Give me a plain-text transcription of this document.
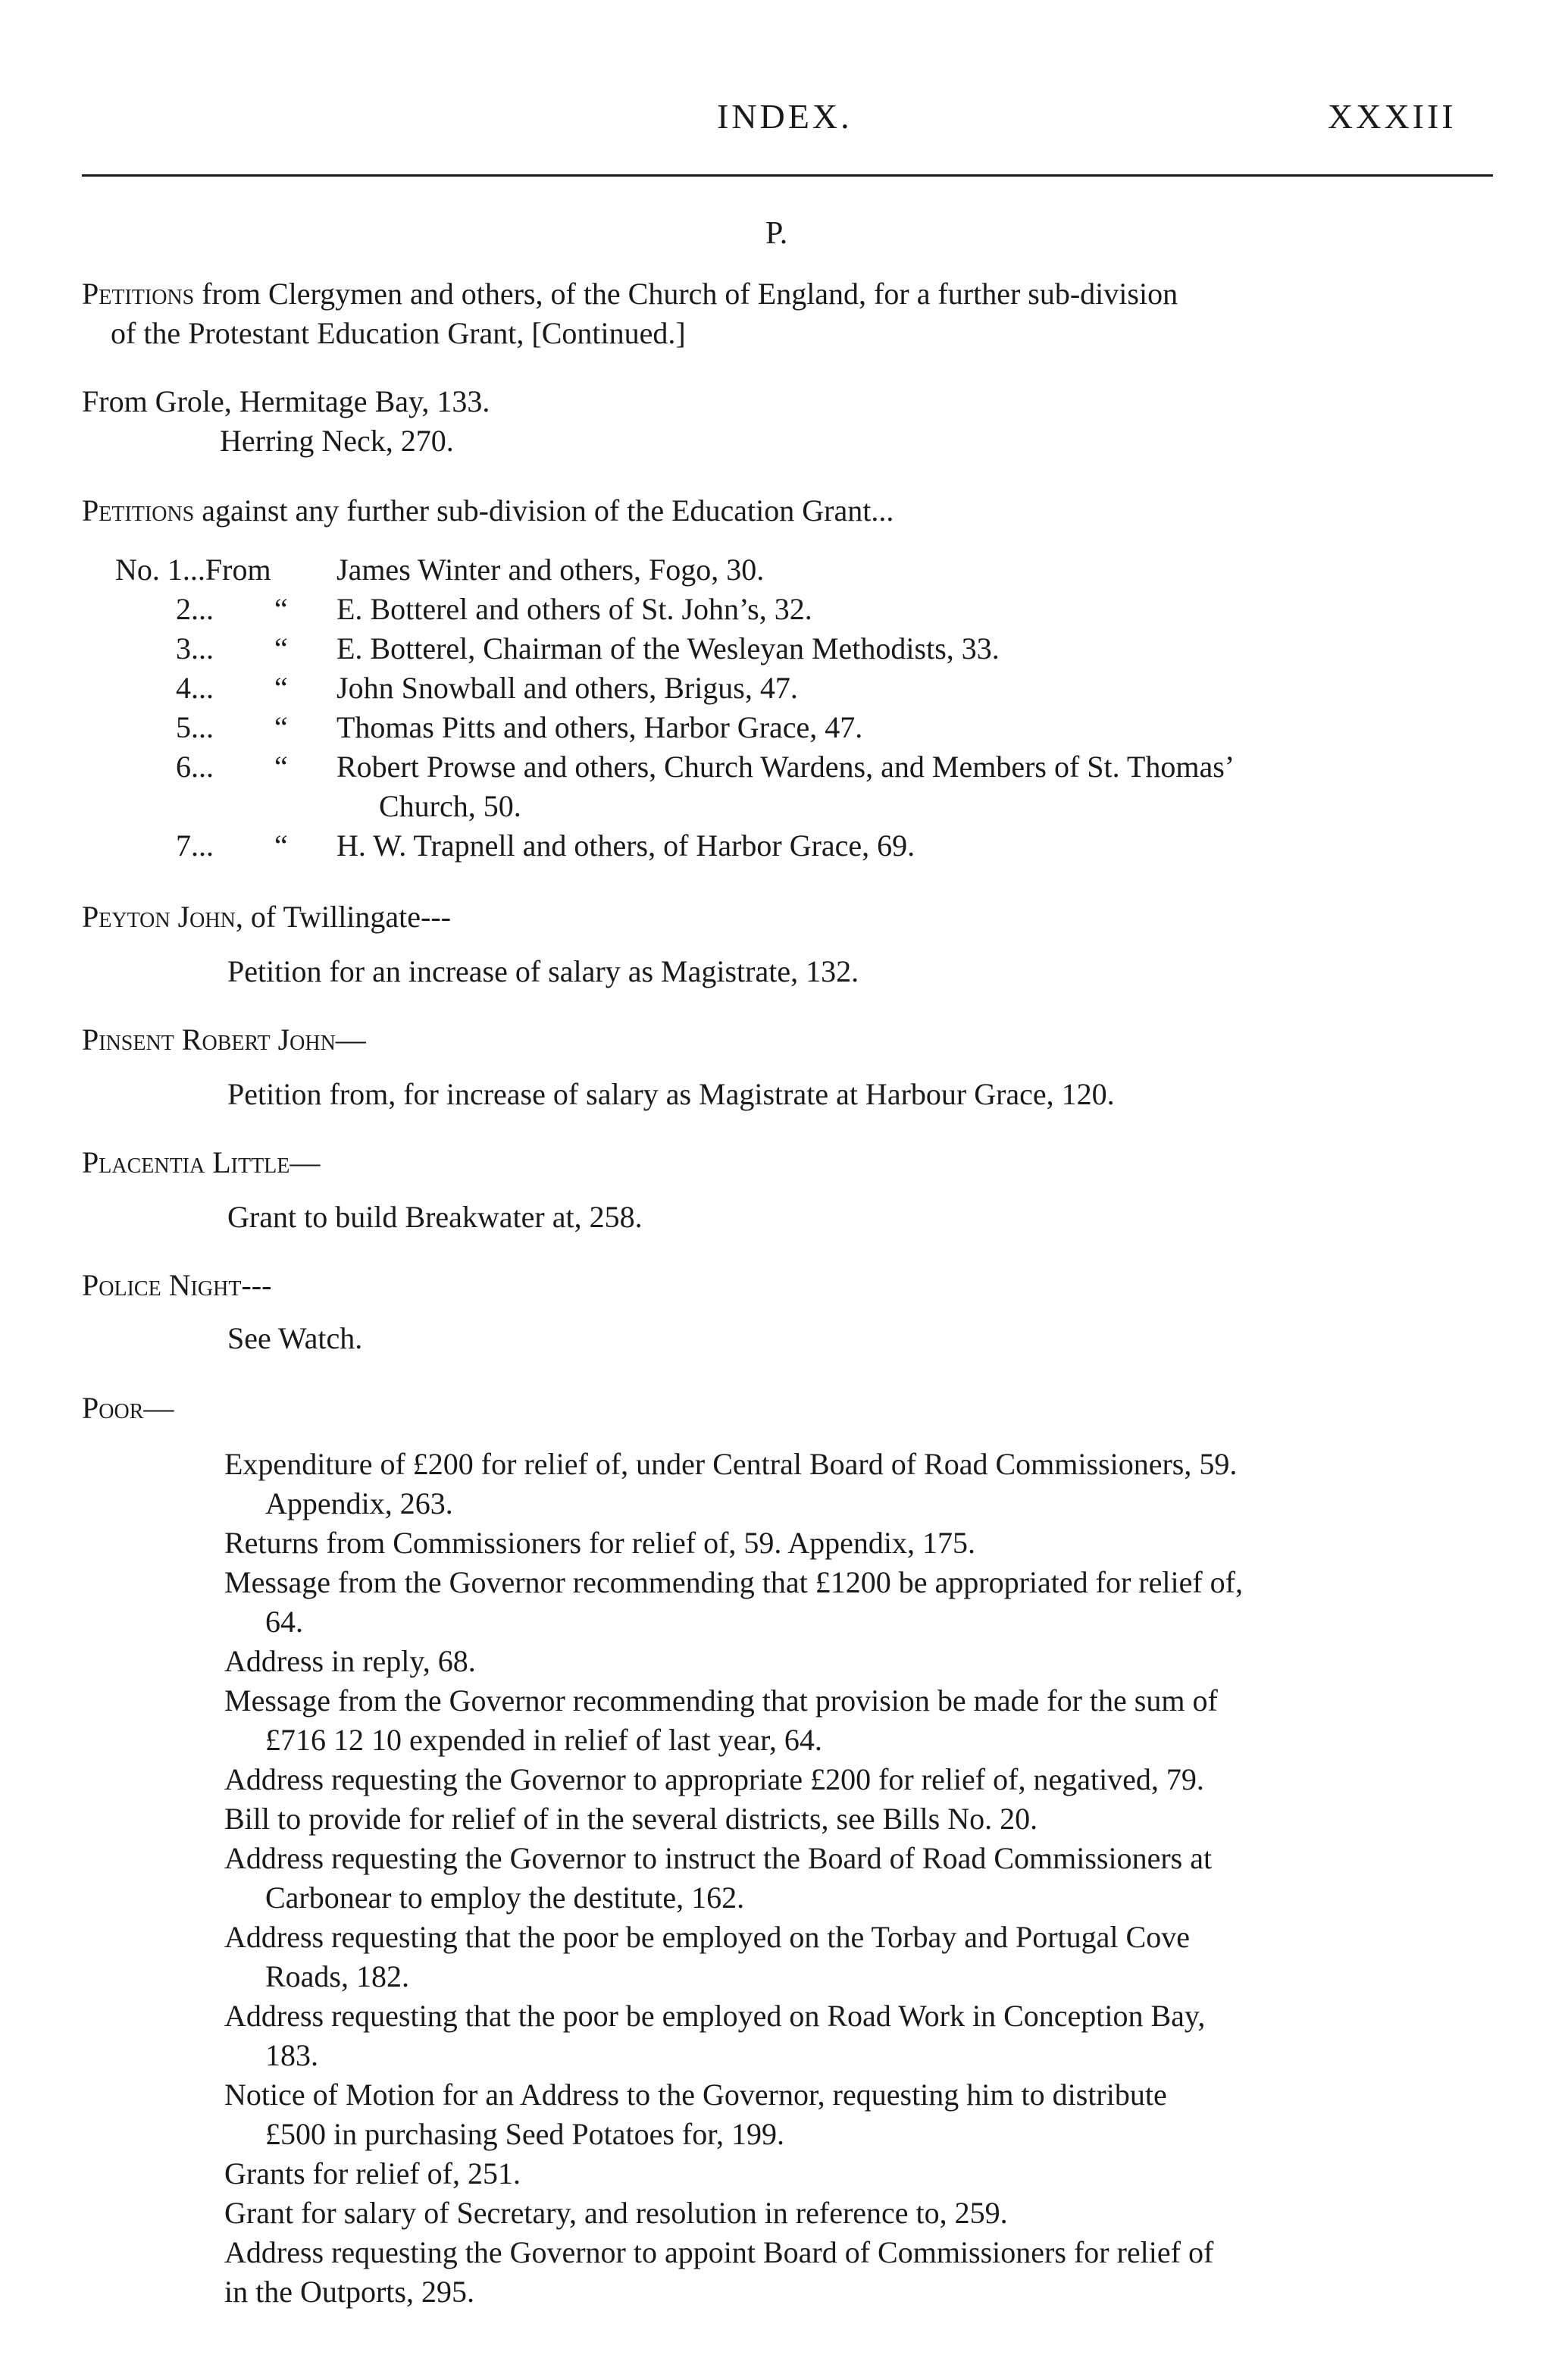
INDEX.	XXXIII
P.
Petitions from Clergymen and others, of the Church of England, for a further sub-division
of the Protestant Education Grant, [Continued.]
From Grole, Hermitage Bay, 133.
Herring Neck, 270.
Petitions against any further sub-division of the Education Grant...
No. 1...From James Winter and others, Fogo, 30.
2... “ E. Botterel and others of St. John’s, 32.
3... “ E. Botterel, Chairman of the Wesleyan Methodists, 33.
4... “ John Snowball and others, Brigus, 47.
5... “ Thomas Pitts and others, Harbor Grace, 47.
6... “ Robert Prowse and others, Church Wardens, and Members of St. Thomas’
Church, 50.
7... “ H. W. Trapnell and others, of Harbor Grace, 69.
Peyton John, of Twillingate---
Petition for an increase of salary as Magistrate, 132.
Pinsent Robert John—
Petition from, for increase of salary as Magistrate at Harbour Grace, 120.
Placentia Little—
Grant to build Breakwater at, 258.
Police Night---
See Watch.
Poor—
Expenditure of £200 for relief of, under Central Board of Road Commissioners, 59.
Appendix, 263.
Returns from Commissioners for relief of, 59. Appendix, 175.
Message from the Governor recommending that £1200 be appropriated for relief of,
64.
Address in reply, 68.
Message from the Governor recommending that provision be made for the sum of
£716 12 10 expended in relief of last year, 64.
Address requesting the Governor to appropriate £200 for relief of, negatived, 79.
Bill to provide for relief of in the several districts, see Bills No. 20.
Address requesting the Governor to instruct the Board of Road Commissioners at
Carbonear to employ the destitute, 162.
Address requesting that the poor be employed on the Torbay and Portugal Cove
Roads, 182.
Address requesting that the poor be employed on Road Work in Conception Bay,
183.
Notice of Motion for an Address to the Governor, requesting him to distribute
£500 in purchasing Seed Potatoes for, 199.
Grants for relief of, 251.
Grant for salary of Secretary, and resolution in reference to, 259.
Address requesting the Governor to appoint Board of Commissioners for relief of
in the Outports, 295.
